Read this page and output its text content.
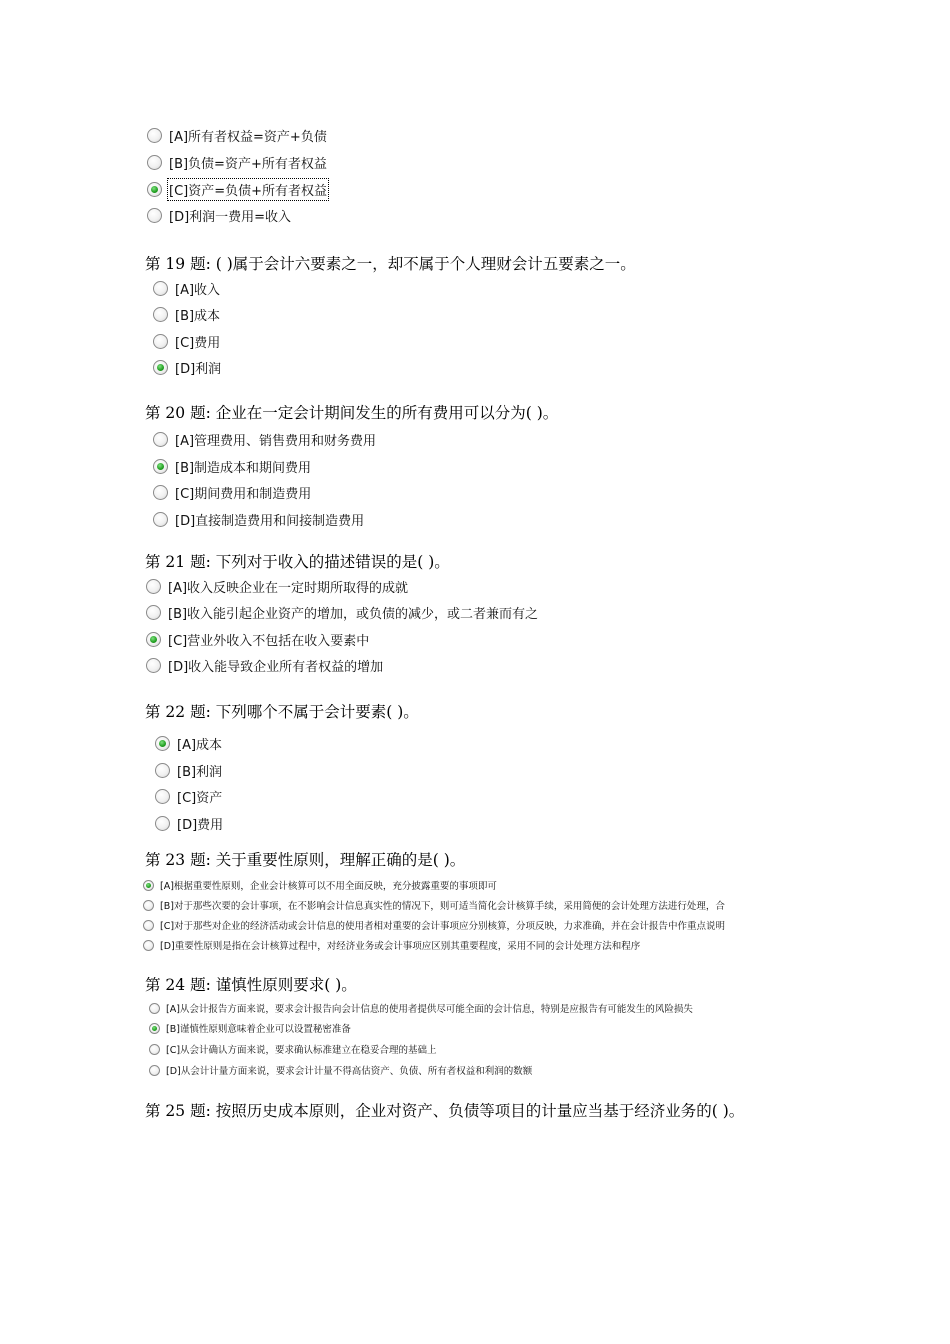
[A]所有者权益=资产+负债
[B]负债=资产+所有者权益
[C]资产=负债+所有者权益
[D]利润一费用=收入
第 19 题: ( )属于会计六要素之一，却不属于个人理财会计五要素之一。
[A]收入
[B]成本
[C]费用
[D]利润
第 20 题: 企业在一定会计期间发生的所有费用可以分为( )。
[A]管理费用、销售费用和财务费用
[B]制造成本和期间费用
[C]期间费用和制造费用
[D]直接制造费用和间接制造费用
第 21 题: 下列对于收入的描述错误的是( )。
[A]收入反映企业在一定时期所取得的成就
[B]收入能引起企业资产的增加，或负债的减少，或二者兼而有之
[C]营业外收入不包括在收入要素中
[D]收入能导致企业所有者权益的增加
第 22 题: 下列哪个不属于会计要素( )。
[A]成本
[B]利润
[C]资产
[D]费用
第 23 题: 关于重要性原则，理解正确的是( )。
[A]根据重要性原则，企业会计核算可以不用全面反映，充分披露重要的事项即可
[B]对于那些次要的会计事项，在不影响会计信息真实性的情况下，则可适当简化会计核算手续，采用简便的会计处理方法进行处理，合
[C]对于那些对企业的经济活动或会计信息的使用者相对重要的会计事项应分别核算，分项反映，力求准确，并在会计报告中作重点说明
[D]重要性原则是指在会计核算过程中，对经济业务或会计事项应区别其重要程度，采用不同的会计处理方法和程序
第 24 题: 谨慎性原则要求( )。
[A]从会计报告方面来说，要求会计报告向会计信息的使用者提供尽可能全面的会计信息，特别是应报告有可能发生的风险损失
[B]谨慎性原则意味着企业可以设置秘密准备
[C]从会计确认方面来说，要求确认标准建立在稳妥合理的基础上
[D]从会计计量方面来说，要求会计计量不得高估资产、负债、所有者权益和利润的数额
第 25 题: 按照历史成本原则，企业对资产、负债等项目的计量应当基于经济业务的( )。
